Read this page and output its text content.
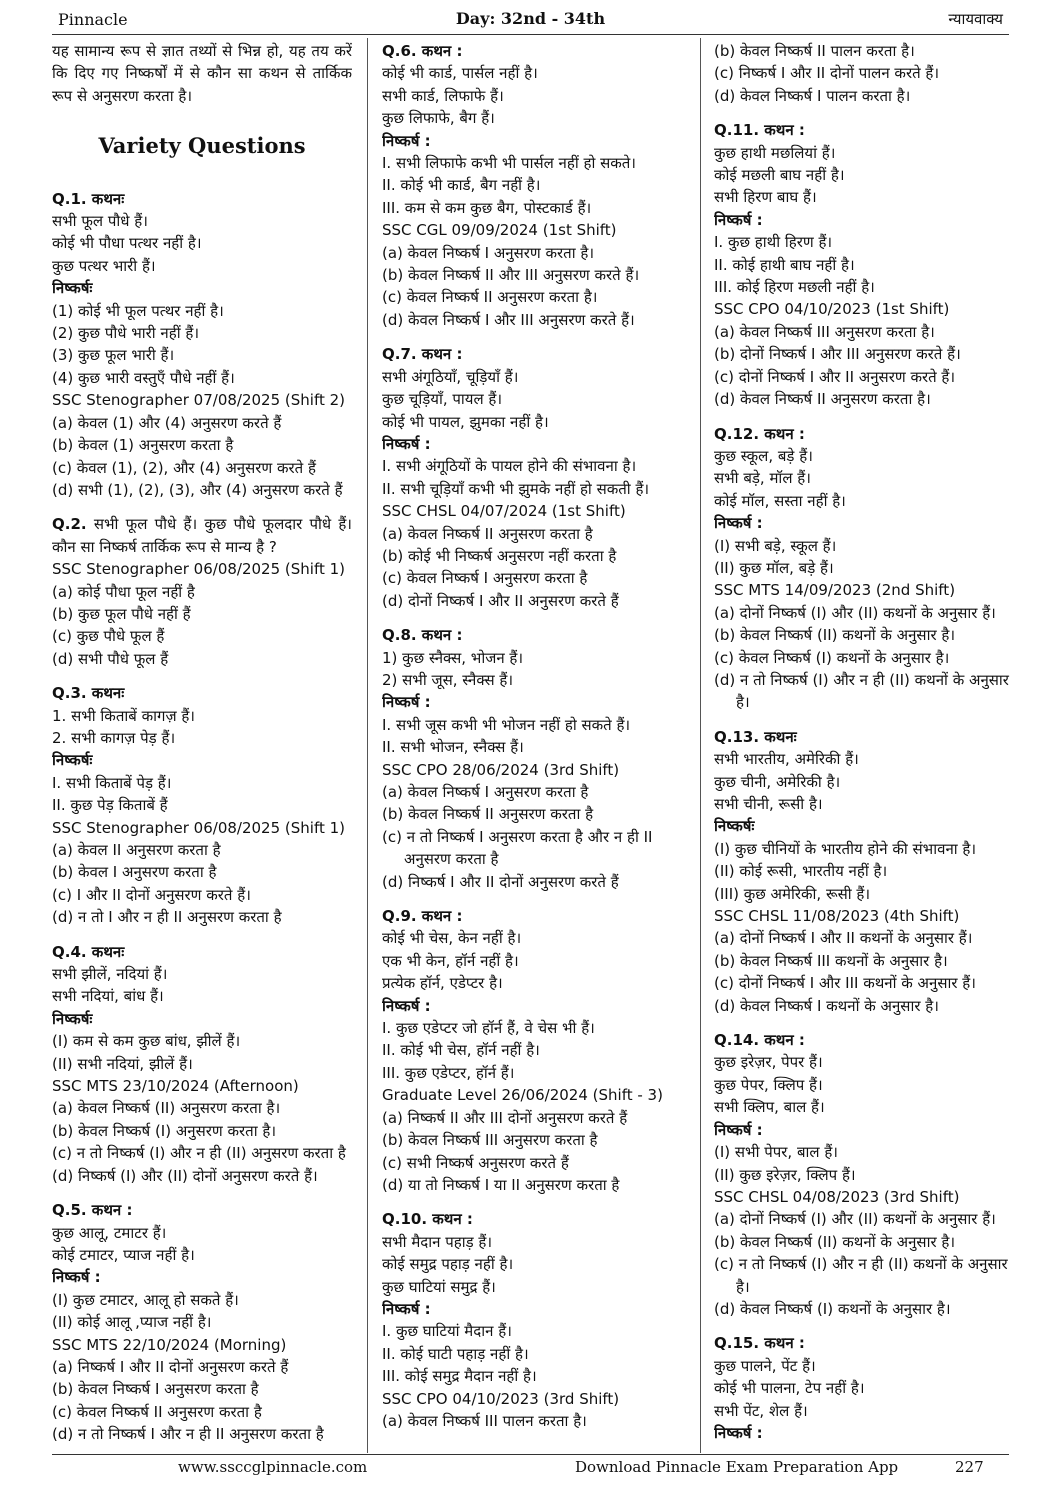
Pinnacle	Day: 32nd - 34th	न्यायवाक्य
यह सामान्य रूप से ज्ञात तथ्यों से भिन्न हो, यह तय करें कि दिए गए निष्कर्षों में से कौन सा कथन से तार्किक रूप से अनुसरण करता है।
Variety Questions
Q.1. कथनः
सभी फूल पौधे हैं।
कोई भी पौधा पत्थर नहीं है।
कुछ पत्थर भारी हैं।
निष्कर्षः
(1) कोई भी फूल पत्थर नहीं है।
(2) कुछ पौधे भारी नहीं हैं।
(3) कुछ फूल भारी हैं।
(4) कुछ भारी वस्तुएँ पौधे नहीं हैं।
SSC Stenographer 07/08/2025 (Shift 2)
(a) केवल (1) और (4) अनुसरण करते हैं
(b) केवल (1) अनुसरण करता है
(c) केवल (1), (2), और (4) अनुसरण करते हैं
(d) सभी (1), (2), (3), और (4) अनुसरण करते हैं
Q.2. सभी फूल पौधे हैं। कुछ पौधे फूलदार पौधे हैं। कौन सा निष्कर्ष तार्किक रूप से मान्य है ?
SSC Stenographer 06/08/2025 (Shift 1)
(a) कोई पौधा फूल नहीं है
(b) कुछ फूल पौधे नहीं हैं
(c) कुछ पौधे फूल हैं
(d) सभी पौधे फूल हैं
Q.3. कथनः
1. सभी किताबें कागज़ हैं।
2. सभी कागज़ पेड़ हैं।
निष्कर्षः
I. सभी किताबें पेड़ हैं।
II. कुछ पेड़ किताबें हैं
SSC Stenographer 06/08/2025 (Shift 1)
(a) केवल II अनुसरण करता है
(b) केवल I अनुसरण करता है
(c) I और II दोनों अनुसरण करते हैं।
(d) न तो I और न ही II अनुसरण करता है
Q.4. कथनः
सभी झीलें, नदियां हैं।
सभी नदियां, बांध हैं।
निष्कर्षः
(I) कम से कम कुछ बांध, झीलें हैं।
(II) सभी नदियां, झीलें हैं।
SSC MTS 23/10/2024 (Afternoon)
(a) केवल निष्कर्ष (II) अनुसरण करता है।
(b) केवल निष्कर्ष (I) अनुसरण करता है।
(c) न तो निष्कर्ष (I) और न ही (II) अनुसरण करता है
(d) निष्कर्ष (I) और (II) दोनों अनुसरण करते हैं।
Q.5. कथन :
कुछ आलू, टमाटर हैं।
कोई टमाटर, प्याज नहीं है।
निष्कर्ष :
(I) कुछ टमाटर, आलू हो सकते हैं।
(II) कोई आलू ,प्याज नहीं है।
SSC MTS 22/10/2024 (Morning)
(a) निष्कर्ष I और II दोनों अनुसरण करते हैं
(b) केवल निष्कर्ष I अनुसरण करता है
(c) केवल निष्कर्ष II अनुसरण करता है
(d) न तो निष्कर्ष I और न ही II अनुसरण करता है
Q.6. कथन :
कोई भी कार्ड, पार्सल नहीं है।
सभी कार्ड, लिफाफे हैं।
कुछ लिफाफे, बैग हैं।
निष्कर्ष :
I. सभी लिफाफे कभी भी पार्सल नहीं हो सकते।
II. कोई भी कार्ड, बैग नहीं है।
III. कम से कम कुछ बैग, पोस्टकार्ड हैं।
SSC CGL 09/09/2024 (1st Shift)
(a) केवल निष्कर्ष I अनुसरण करता है।
(b) केवल निष्कर्ष II और III अनुसरण करते हैं।
(c) केवल निष्कर्ष II अनुसरण करता है।
(d) केवल निष्कर्ष I और III अनुसरण करते हैं।
Q.7. कथन :
सभी अंगूठियाँ, चूड़ियाँ हैं।
कुछ चूड़ियाँ, पायल हैं।
कोई भी पायल, झुमका नहीं है।
निष्कर्ष :
I. सभी अंगूठियों के पायल होने की संभावना है।
II. सभी चूड़ियाँ कभी भी झुमके नहीं हो सकती हैं।
SSC CHSL 04/07/2024 (1st Shift)
(a) केवल निष्कर्ष II अनुसरण करता है
(b) कोई भी निष्कर्ष अनुसरण नहीं करता है
(c) केवल निष्कर्ष I अनुसरण करता है
(d) दोनों निष्कर्ष I और II अनुसरण करते हैं
Q.8. कथन :
1) कुछ स्नैक्स, भोजन हैं।
2) सभी जूस, स्नैक्स हैं।
निष्कर्ष :
I. सभी जूस कभी भी भोजन नहीं हो सकते हैं।
II. सभी भोजन, स्नैक्स हैं।
SSC CPO 28/06/2024 (3rd Shift)
(a) केवल निष्कर्ष I अनुसरण करता है
(b) केवल निष्कर्ष II अनुसरण करता है
(c) न तो निष्कर्ष I अनुसरण करता है और न ही II अनुसरण करता है
(d) निष्कर्ष I और II दोनों अनुसरण करते हैं
Q.9. कथन :
कोई भी चेस, केन नहीं है।
एक भी केन, हॉर्न नहीं है।
प्रत्येक हॉर्न, एडेप्टर है।
निष्कर्ष :
I. कुछ एडेप्टर जो हॉर्न हैं, वे चेस भी हैं।
II. कोई भी चेस, हॉर्न नहीं है।
III. कुछ एडेप्टर, हॉर्न हैं।
Graduate Level 26/06/2024 (Shift - 3)
(a) निष्कर्ष II और III दोनों अनुसरण करते हैं
(b) केवल निष्कर्ष III अनुसरण करता है
(c) सभी निष्कर्ष अनुसरण करते हैं
(d) या तो निष्कर्ष I या II अनुसरण करता है
Q.10. कथन :
सभी मैदान पहाड़ हैं।
कोई समुद्र पहाड़ नहीं है।
कुछ घाटियां समुद्र हैं।
निष्कर्ष :
I. कुछ घाटियां मैदान हैं।
II. कोई घाटी पहाड़ नहीं है।
III. कोई समुद्र मैदान नहीं है।
SSC CPO 04/10/2023 (3rd Shift)
(a) केवल निष्कर्ष III पालन करता है।
(b) केवल निष्कर्ष II पालन करता है।
(c) निष्कर्ष I और II दोनों पालन करते हैं।
(d) केवल निष्कर्ष I पालन करता है।
Q.11. कथन :
कुछ हाथी मछलियां हैं।
कोई मछली बाघ नहीं है।
सभी हिरण बाघ हैं।
निष्कर्ष :
I. कुछ हाथी हिरण हैं।
II. कोई हाथी बाघ नहीं है।
III. कोई हिरण मछली नहीं है।
SSC CPO 04/10/2023 (1st Shift)
(a) केवल निष्कर्ष III अनुसरण करता है।
(b) दोनों निष्कर्ष I और III अनुसरण करते हैं।
(c) दोनों निष्कर्ष I और II अनुसरण करते हैं।
(d) केवल निष्कर्ष II अनुसरण करता है।
Q.12. कथन :
कुछ स्कूल, बड़े हैं।
सभी बड़े, मॉल हैं।
कोई मॉल, सस्ता नहीं है।
निष्कर्ष :
(I) सभी बड़े, स्कूल हैं।
(II) कुछ मॉल, बड़े हैं।
SSC MTS 14/09/2023 (2nd Shift)
(a) दोनों निष्कर्ष (I) और (II) कथनों के अनुसार हैं।
(b) केवल निष्कर्ष (II) कथनों के अनुसार है।
(c) केवल निष्कर्ष (I) कथनों के अनुसार है।
(d) न तो निष्कर्ष (I) और न ही (II) कथनों के अनुसार है।
Q.13. कथनः
सभी भारतीय, अमेरिकी हैं।
कुछ चीनी, अमेरिकी है।
सभी चीनी, रूसी है।
निष्कर्षः
(I) कुछ चीनियों के भारतीय होने की संभावना है।
(II) कोई रूसी, भारतीय नहीं है।
(III) कुछ अमेरिकी, रूसी हैं।
SSC CHSL 11/08/2023 (4th Shift)
(a) दोनों निष्कर्ष I और II कथनों के अनुसार हैं।
(b) केवल निष्कर्ष III कथनों के अनुसार है।
(c) दोनों निष्कर्ष I और III कथनों के अनुसार हैं।
(d) केवल निष्कर्ष I कथनों के अनुसार है।
Q.14. कथन :
कुछ इरेज़र, पेपर हैं।
कुछ पेपर, क्लिप हैं।
सभी क्लिप, बाल हैं।
निष्कर्ष :
(I) सभी पेपर, बाल हैं।
(II) कुछ इरेज़र, क्लिप हैं।
SSC CHSL 04/08/2023 (3rd Shift)
(a) दोनों निष्कर्ष (I) और (II) कथनों के अनुसार हैं।
(b) केवल निष्कर्ष (II) कथनों के अनुसार है।
(c) न तो निष्कर्ष (I) और न ही (II) कथनों के अनुसार है।
(d) केवल निष्कर्ष (I) कथनों के अनुसार है।
Q.15. कथन :
कुछ पालने, पेंट हैं।
कोई भी पालना, टेप नहीं है।
सभी पेंट, शेल हैं।
निष्कर्ष :
www.ssccglpinnacle.com	Download Pinnacle Exam Preparation App	227
